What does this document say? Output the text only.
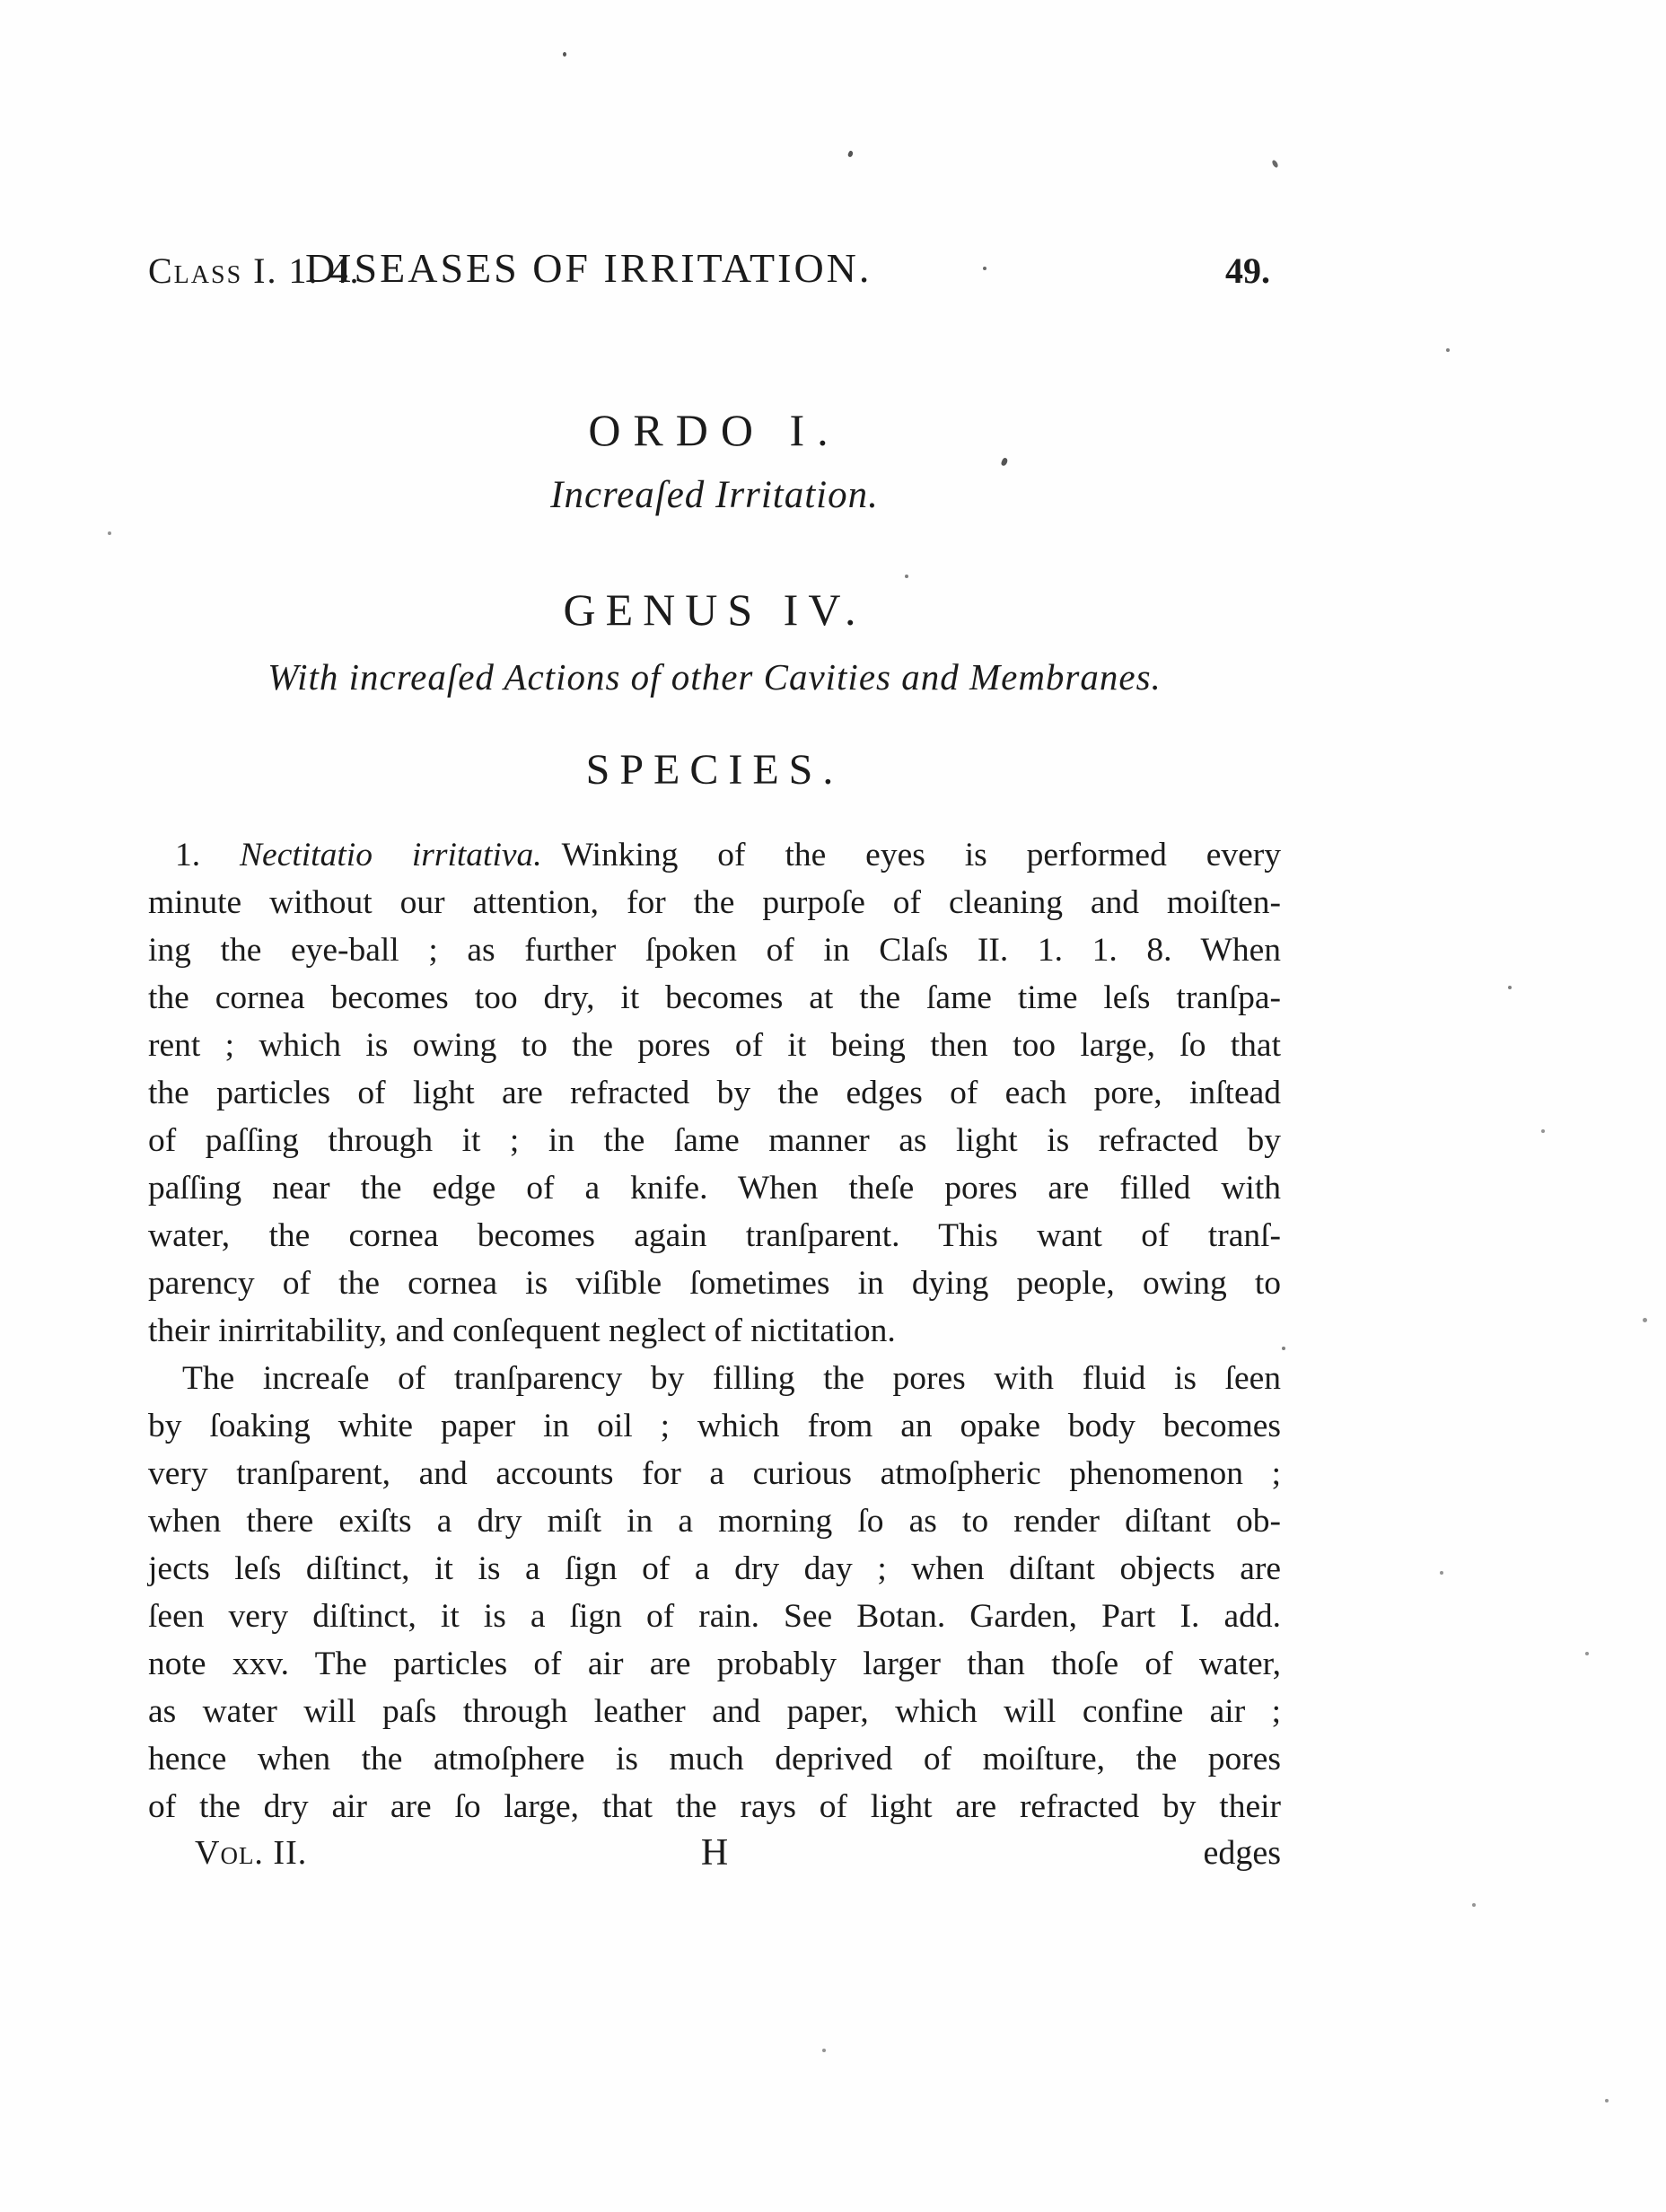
Class I. 1. 4.
DISEASES OF IRRITATION.	49.
ORDO I.
Increaſed Irritation.
GENUS IV.
With increaſed Actions of other Cavities and Membranes.
SPECIES.
1. Nectitatio irritativa. Winking of the eyes is performed every
minute without our attention, for the purpoſe of cleaning and moiſten-
ing the eye-ball ; as further ſpoken of in Claſs II. 1. 1. 8. When
the cornea becomes too dry, it becomes at the ſame time leſs tranſpa-
rent ; which is owing to the pores of it being then too large, ſo that
the particles of light are refracted by the edges of each pore, inſtead
of paſſing through it ; in the ſame manner as light is refracted by
paſſing near the edge of a knife. When theſe pores are filled with
water, the cornea becomes again tranſparent. This want of tranſ-
parency of the cornea is viſible ſometimes in dying people, owing to
their inirritability, and conſequent neglect of nictitation.
The increaſe of tranſparency by filling the pores with fluid is ſeen
by ſoaking white paper in oil ; which from an opake body becomes
very tranſparent, and accounts for a curious atmoſpheric phenomenon ;
when there exiſts a dry miſt in a morning ſo as to render diſtant ob-
jects leſs diſtinct, it is a ſign of a dry day ; when diſtant objects are
ſeen very diſtinct, it is a ſign of rain. See Botan. Garden, Part I. add.
note xxv. The particles of air are probably larger than thoſe of water,
as water will paſs through leather and paper, which will confine air ;
hence when the atmoſphere is much deprived of moiſture, the pores
of the dry air are ſo large, that the rays of light are refracted by their
Vol. II.	H	edges
